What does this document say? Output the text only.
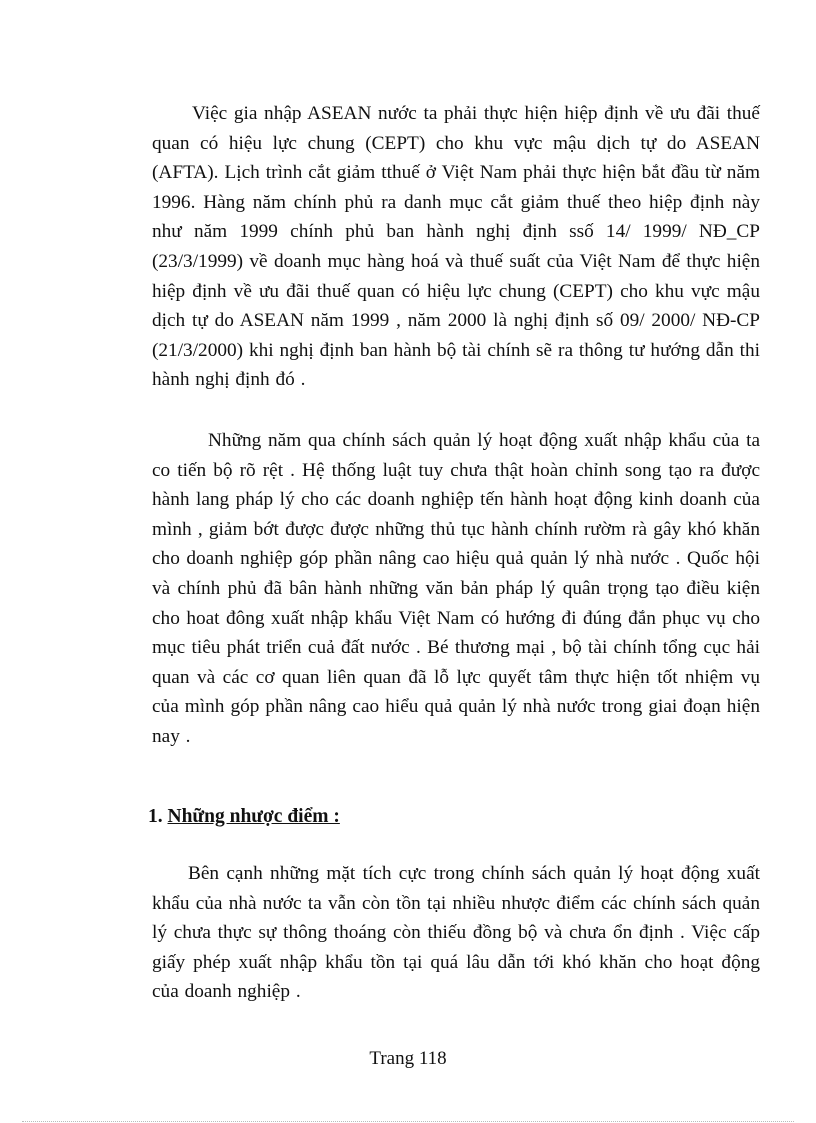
Việc gia nhập ASEAN nước ta phải thực hiện hiệp định về ưu đãi thuế quan có hiệu lực chung (CEPT) cho khu vực mậu dịch tự do ASEAN (AFTA). Lịch trình cắt giảm tthuế ở Việt Nam phải thực hiện bắt đầu từ năm 1996. Hàng năm chính phủ ra danh mục cắt giảm thuế theo hiệp định này như năm 1999 chính phủ ban hành nghị định ssố 14/ 1999/ NĐ_CP (23/3/1999) về doanh mục hàng hoá và thuế suất của Việt Nam để thực hiện hiệp định về ưu đãi thuế quan có hiệu lực chung (CEPT) cho khu vực mậu dịch tự do ASEAN năm 1999 , năm 2000 là nghị định số 09/ 2000/ NĐ-CP (21/3/2000) khi nghị định ban hành bộ tài chính sẽ ra thông tư hướng dẫn thi hành nghị định đó .

Những năm qua chính sách quản lý hoạt động xuất nhập khẩu của ta co tiến bộ rõ rệt . Hệ thống luật tuy chưa thật hoàn chỉnh song tạo ra được hành lang pháp lý cho các doanh nghiệp tến hành hoạt động kinh doanh của mình , giảm bớt được được những thủ tục hành chính rườm rà gây khó khăn cho doanh nghiệp góp phần nâng cao hiệu quả quản lý nhà nước . Quốc hội và chính phủ đã bân hành những văn bản pháp lý quân trọng tạo điều kiện cho hoat đông xuất nhập khẩu Việt Nam có hướng đi đúng đắn phục vụ cho mục tiêu phát triển cuả đất nước . Bé thương mại , bộ tài chính tổng cục hải quan và các cơ quan liên quan đã lỗ lực quyết tâm thực hiện tốt nhiệm vụ của mình góp phần nâng cao hiểu quả quản lý nhà nước trong giai đoạn hiện nay .

1. Những nhược điểm :

Bên cạnh những mặt tích cực trong chính sách quản lý hoạt động xuất khẩu của nhà nước ta vẫn còn tồn tại nhiều nhược điểm các chính sách quản lý chưa thực sự thông thoáng còn thiếu đồng bộ và chưa ổn định . Việc cấp giấy phép xuất nhập khẩu tồn tại quá lâu dẫn tới khó khăn cho hoạt động của doanh nghiệp .

Trang 118
